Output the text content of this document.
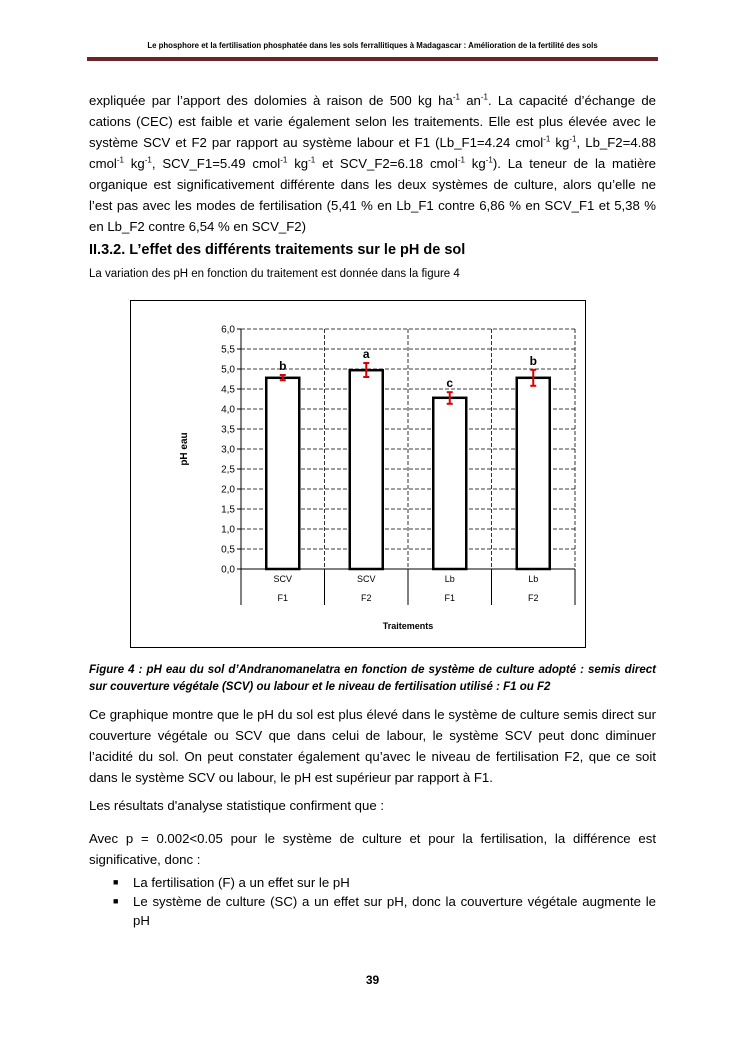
Le phosphore et la fertilisation phosphatée dans les sols ferrallitiques à Madagascar : Amélioration de la fertilité des sols
expliquée par l’apport des dolomies à raison de 500 kg $ha^{-1}$ $an^{-1}$. La capacité d’échange de cations (CEC) est faible et varie également selon les traitements. Elle est plus élevée avec le système SCV et F2 par rapport au système labour et F1 (Lb_F1=4.24 cmol$^{-1}$ $kg^{-1}$, Lb_F2=4.88 cmol$^{-1}$ $kg^{-1}$, SCV_F1=5.49 cmol$^{-1}$ $kg^{-1}$ et SCV_F2=6.18 cmol$^{-1}$ $kg^{-1}$). La teneur de la matière organique est significativement différente dans les deux systèmes de culture, alors qu’elle ne l’est pas avec les modes de fertilisation (5,41 % en Lb_F1 contre 6,86 % en SCV_F1 et 5,38 % en Lb_F2 contre 6,54 % en SCV_F2)
II.3.2. L’effet des différents traitements sur le pH de sol
La variation des pH en fonction du traitement est donnée dans la figure 4
0,0
0,5
1,0
1,5
2,0
2,5
3,0
3,5
4,0
4,5
5,0
5,5
6,0
b
SCV
F1
a
SCV
F2
c
Lb
F1
b
Lb
F2
Traitements
pH eau
Figure 4 : pH eau du sol d’Andranomanelatra en fonction de système de culture adopté : semis direct sur couverture végétale (SCV) ou labour et le niveau de fertilisation utilisé : F1 ou F2
Ce graphique montre que le pH du sol est plus élevé dans le système de culture semis direct sur couverture végétale ou SCV que dans celui de labour, le système SCV peut donc diminuer l’acidité du sol. On peut constater également qu’avec le niveau de fertilisation F2, que ce soit dans le système SCV ou labour, le pH est supérieur par rapport à F1.
Les résultats d'analyse statistique confirment que :
Avec p = 0.002<0.05 pour le système de culture et pour la fertilisation, la différence est significative, donc :
■ La fertilisation (F) a un effet sur le pH
■ Le système de culture (SC) a un effet sur pH, donc la couverture végétale augmente le pH
39
